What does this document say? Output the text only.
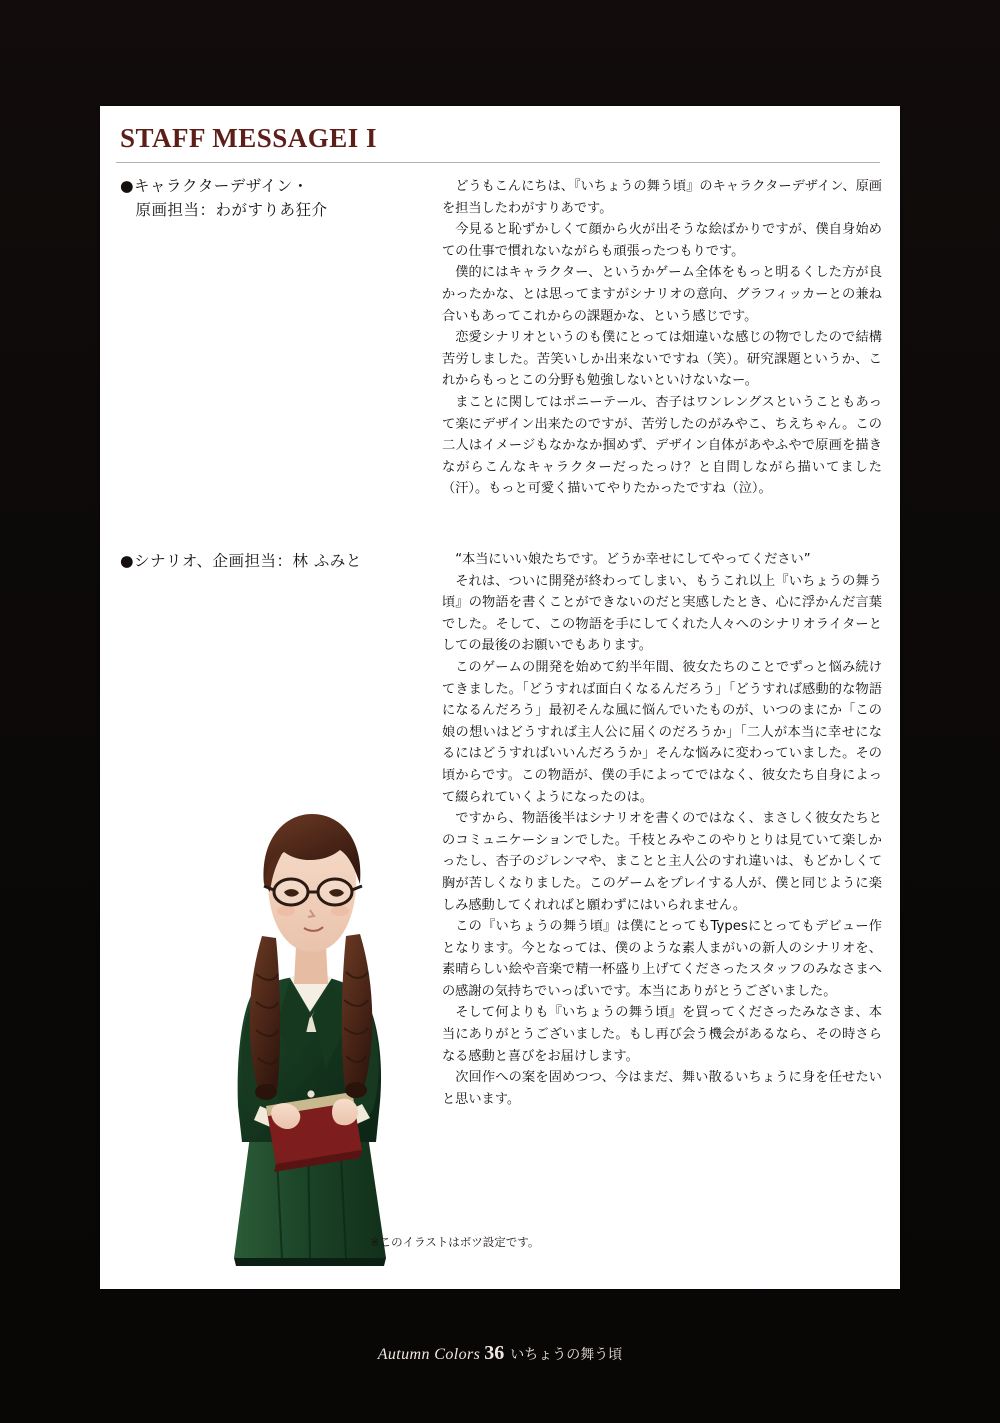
STAFF MESSAGEI I
●キャラクターデザイン・
原画担当：わがすりあ狂介

どうもこんにちは、『いちょうの舞う頃』のキャラクターデザイン、原画を担当したわがすりあです。

今見ると恥ずかしくて顔から火が出そうな絵ばかりですが、僕自身始めての仕事で慣れないながらも頑張ったつもりです。

僕的にはキャラクター、というかゲーム全体をもっと明るくした方が良かったかな、とは思ってますがシナリオの意向、グラフィッカーとの兼ね合いもあってこれからの課題かな、という感じです。

恋愛シナリオというのも僕にとっては畑違いな感じの物でしたので結構苦労しました。苦笑いしか出来ないですね（笑）。研究課題というか、これからもっとこの分野も勉強しないといけないなー。

まことに関してはポニーテール、杏子はワンレングスということもあって楽にデザイン出来たのですが、苦労したのがみやこ、ちえちゃん。この二人はイメージもなかなか掴めず、デザイン自体があやふやで原画を描きながらこんなキャラクターだったっけ？と自問しながら描いてました（汗）。もっと可愛く描いてやりたかったですね（泣）。

●シナリオ、企画担当：林 ふみと	“本当にいい娘たちです。どうか幸せにしてやってください”

それは、ついに開発が終わってしまい、もうこれ以上『いちょうの舞う頃』の物語を書くことができないのだと実感したとき、心に浮かんだ言葉でした。そして、この物語を手にしてくれた人々へのシナリオライターとしての最後のお願いでもあります。

このゲームの開発を始めて約半年間、彼女たちのことでずっと悩み続けてきました。「どうすれば面白くなるんだろう」「どうすれば感動的な物語になるんだろう」最初そんな風に悩んでいたものが、いつのまにか「この娘の想いはどうすれば主人公に届くのだろうか」「二人が本当に幸せになるにはどうすればいいんだろうか」そんな悩みに変わっていました。その頃からです。この物語が、僕の手によってではなく、彼女たち自身によって綴られていくようになったのは。

ですから、物語後半はシナリオを書くのではなく、まさしく彼女たちとのコミュニケーションでした。千枝とみやこのやりとりは見ていて楽しかったし、杏子のジレンマや、まことと主人公のすれ違いは、もどかしくて胸が苦しくなりました。このゲームをプレイする人が、僕と同じように楽しみ感動してくれればと願わずにはいられません。

この『いちょうの舞う頃』は僕にとってもTypesにとってもデビュー作となります。今となっては、僕のような素人まがいの新人のシナリオを、素晴らしい絵や音楽で精一杯盛り上げてくださったスタッフのみなさまへの感謝の気持ちでいっぱいです。本当にありがとうございました。

そして何よりも『いちょうの舞う頃』を買ってくださったみなさま、本当にありがとうございました。もし再び会う機会があるなら、その時さらなる感動と喜びをお届けします。

次回作への案を固めつつ、今はまだ、舞い散るいちょうに身を任せたいと思います。

※このイラストはボツ設定です。
Autumn Colors 36 いちょうの舞う頃
